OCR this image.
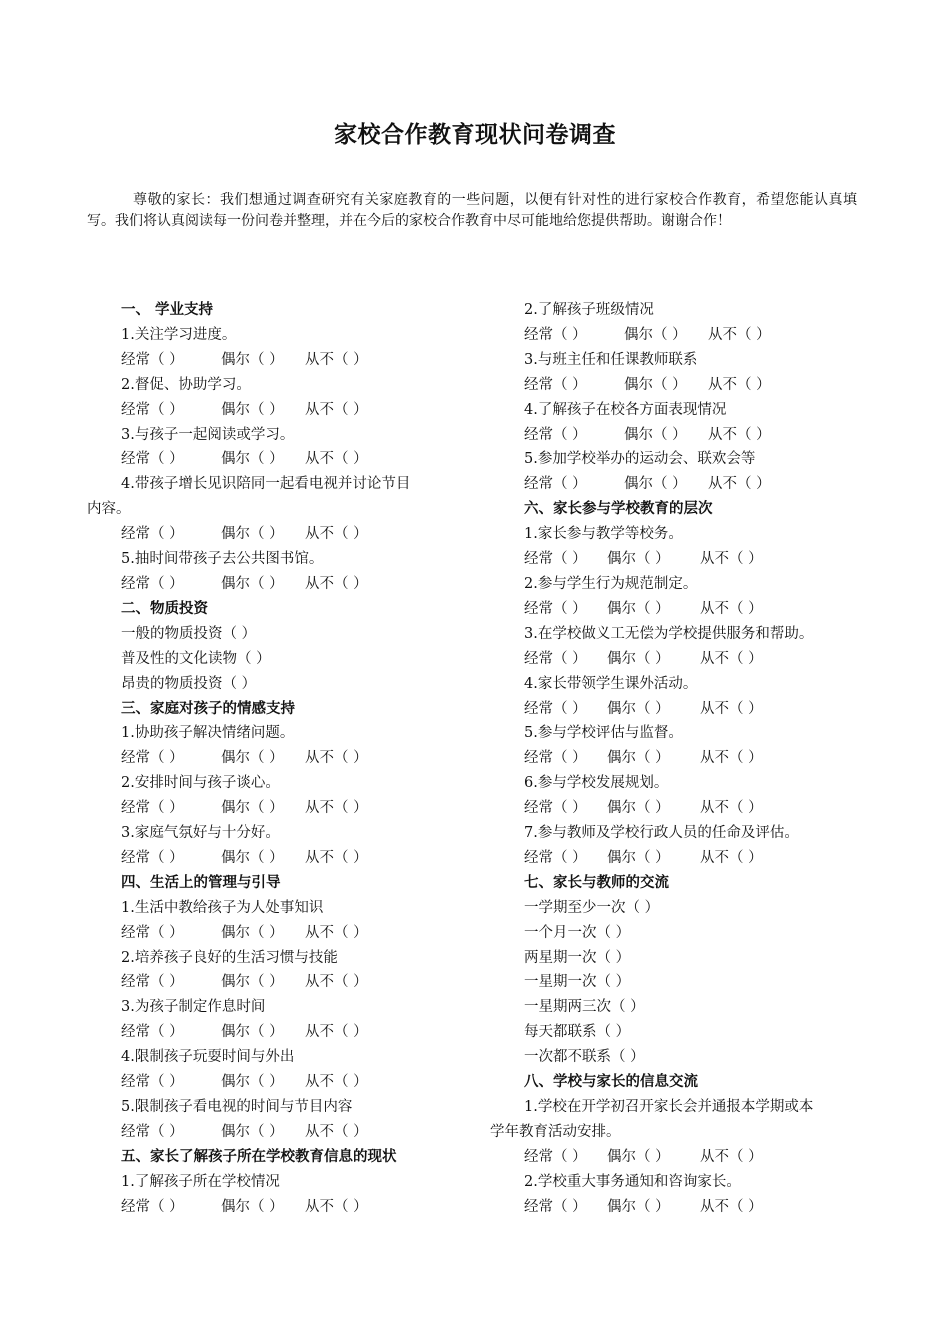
家校合作教育现状问卷调查

尊敬的家长：我们想通过调查研究有关家庭教育的一些问题，以便有针对性的进行家校合作教育，希望您能认真填写。我们将认真阅读每一份问卷并整理，并在今后的家校合作教育中尽可能地给您提供帮助。谢谢合作！

一、 学业支持
1.关注学习进度。
经常（ ）	偶尔（ ） 从不（ ）
2.督促、协助学习。
经常（ ）	偶尔（ ） 从不（ ）
3.与孩子一起阅读或学习。
经常（ ）	偶尔（ ） 从不（ ）
4.带孩子增长见识陪同一起看电视并讨论节目
内容。
经常（ ）	偶尔（ ） 从不（ ）
5.抽时间带孩子去公共图书馆。
经常（ ）	偶尔（ ） 从不（ ）
二、物质投资
一般的物质投资（ ）
普及性的文化读物（ ）
昂贵的物质投资（ ）
三、家庭对孩子的情感支持
1.协助孩子解决情绪问题。
经常（ ）	偶尔（ ） 从不（ ）
2.安排时间与孩子谈心。
经常（ ）	偶尔（ ） 从不（ ）
3.家庭气氛好与十分好。
经常（ ）	偶尔（ ） 从不（ ）
四、生活上的管理与引导
1.生活中教给孩子为人处事知识
经常（ ）	偶尔（ ） 从不（ ）
2.培养孩子良好的生活习惯与技能
经常（ ）	偶尔（ ） 从不（ ）
3.为孩子制定作息时间
经常（ ）	偶尔（ ） 从不（ ）
4.限制孩子玩耍时间与外出
经常（ ）	偶尔（ ） 从不（ ）
5.限制孩子看电视的时间与节目内容
经常（ ）	偶尔（ ） 从不（ ）
五、家长了解孩子所在学校教育信息的现状
1.了解孩子所在学校情况
经常（ ）	偶尔（ ） 从不（ ）
2.了解孩子班级情况
经常（ ）	偶尔（ ） 从不（ ）
3.与班主任和任课教师联系
经常（ ）	偶尔（ ） 从不（ ）
4.了解孩子在校各方面表现情况
经常（ ）	偶尔（ ） 从不（ ）
5.参加学校举办的运动会、联欢会等
经常（ ）	偶尔（ ） 从不（ ）
六、家长参与学校教育的层次
1.家长参与教学等校务。
经常（ ） 偶尔（ ） 从不（ ）
2.参与学生行为规范制定。
经常（ ） 偶尔（ ） 从不（ ）
3.在学校做义工无偿为学校提供服务和帮助。
经常（ ） 偶尔（ ） 从不（ ）
4.家长带领学生课外活动。
经常（ ） 偶尔（ ） 从不（ ）
5.参与学校评估与监督。
经常（ ） 偶尔（ ） 从不（ ）
6.参与学校发展规划。
经常（ ） 偶尔（ ） 从不（ ）
7.参与教师及学校行政人员的任命及评估。
经常（ ） 偶尔（ ） 从不（ ）
七、家长与教师的交流
一学期至少一次（ ）
一个月一次（ ）
两星期一次（ ）
一星期一次（ ）
一星期两三次（ ）
每天都联系（ ）
一次都不联系（ ）
八、学校与家长的信息交流
1.学校在开学初召开家长会并通报本学期或本
学年教育活动安排。
经常（ ） 偶尔（ ） 从不（ ）
2.学校重大事务通知和咨询家长。
经常（ ） 偶尔（ ） 从不（ ）
